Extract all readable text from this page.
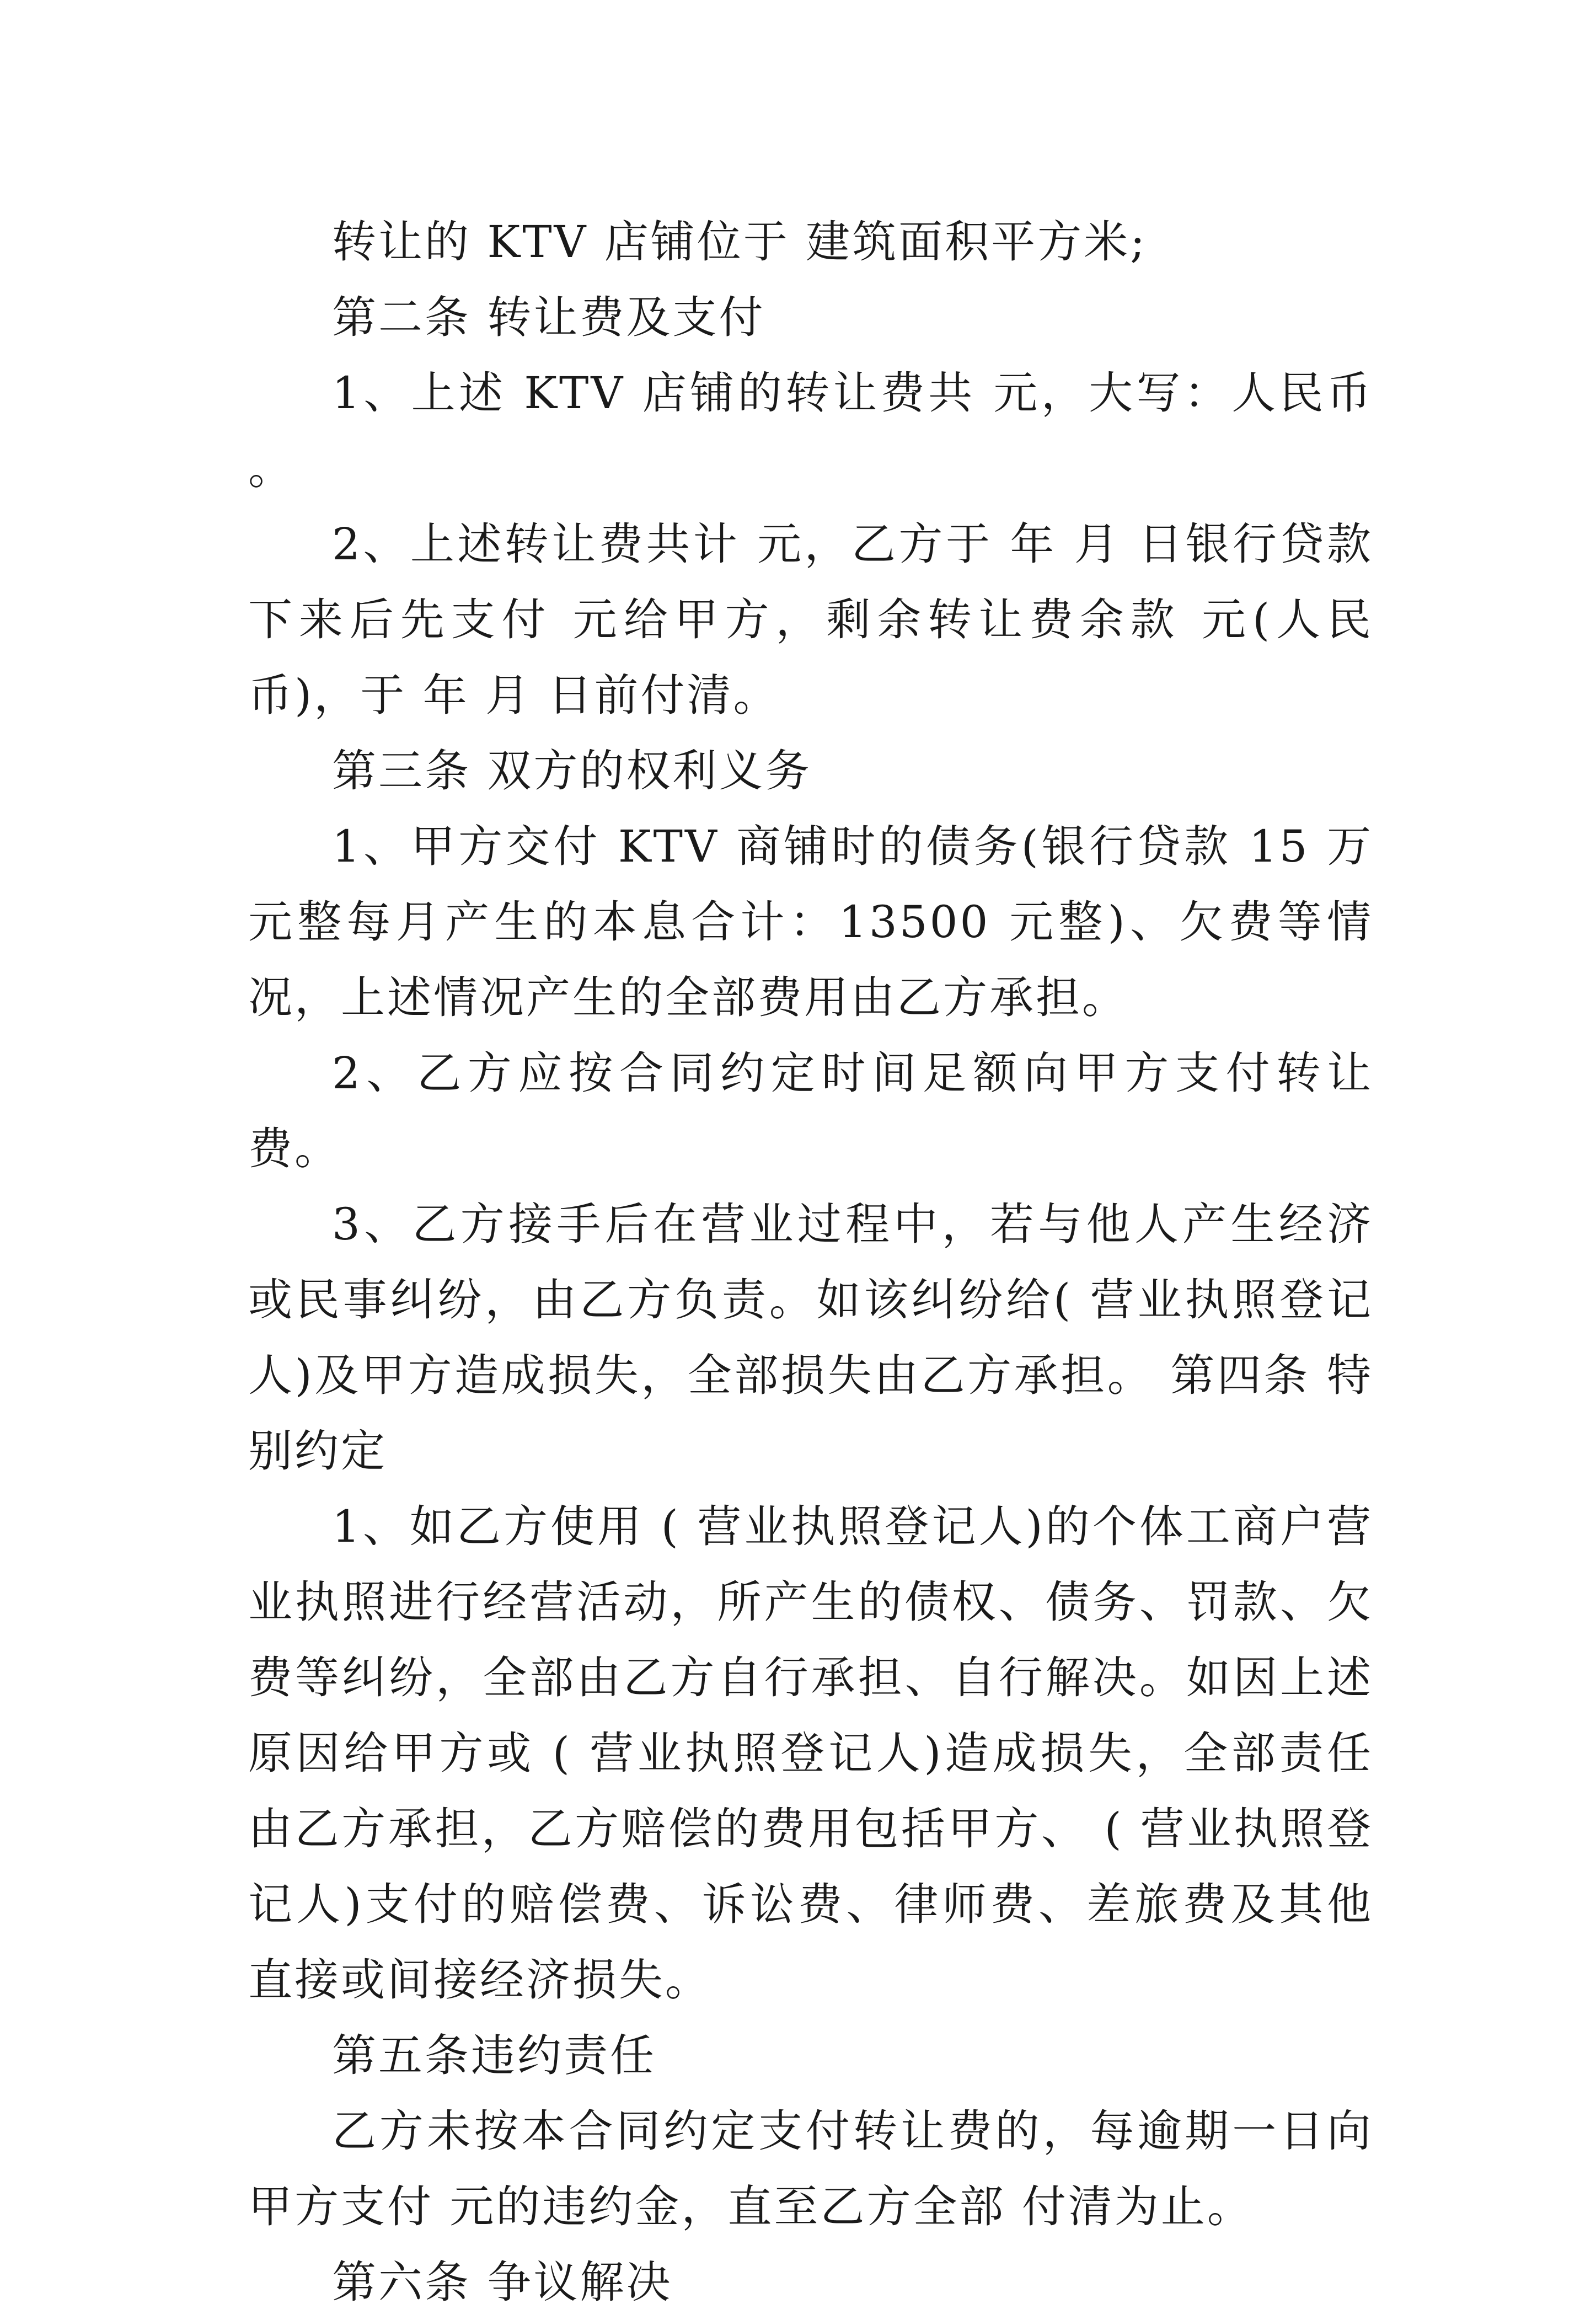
转让的 KTV 店铺位于 建筑面积平方米;

第二条 转让费及支付

1、上述 KTV 店铺的转让费共 元，大写：人民币 。

2、上述转让费共计 元，乙方于 年 月 日银行贷款下来后先支付 元给甲方，剩余转让费余款 元(人民币)，于 年 月 日前付清。

第三条 双方的权利义务

1、甲方交付 KTV 商铺时的债务(银行贷款 15 万元整每月产生的本息合计：13500 元整)、欠费等情况，上述情况产生的全部费用由乙方承担。

2、乙方应按合同约定时间足额向甲方支付转让费。

3、乙方接手后在营业过程中，若与他人产生经济或民事纠纷，由乙方负责。如该纠纷给( 营业执照登记人)及甲方造成损失，全部损失由乙方承担。 第四条 特别约定

1、如乙方使用 ( 营业执照登记人)的个体工商户营业执照进行经营活动，所产生的债权、债务、罚款、欠费等纠纷，全部由乙方自行承担、自行解决。如因上述原因给甲方或 ( 营业执照登记人)造成损失，全部责任由乙方承担，乙方赔偿的费用包括甲方、 ( 营业执照登记人)支付的赔偿费、诉讼费、律师费、差旅费及其他直接或间接经济损失。

第五条违约责任

乙方未按本合同约定支付转让费的，每逾期一日向甲方支付 元的违约金，直至乙方全部 付清为止。

第六条 争议解决
